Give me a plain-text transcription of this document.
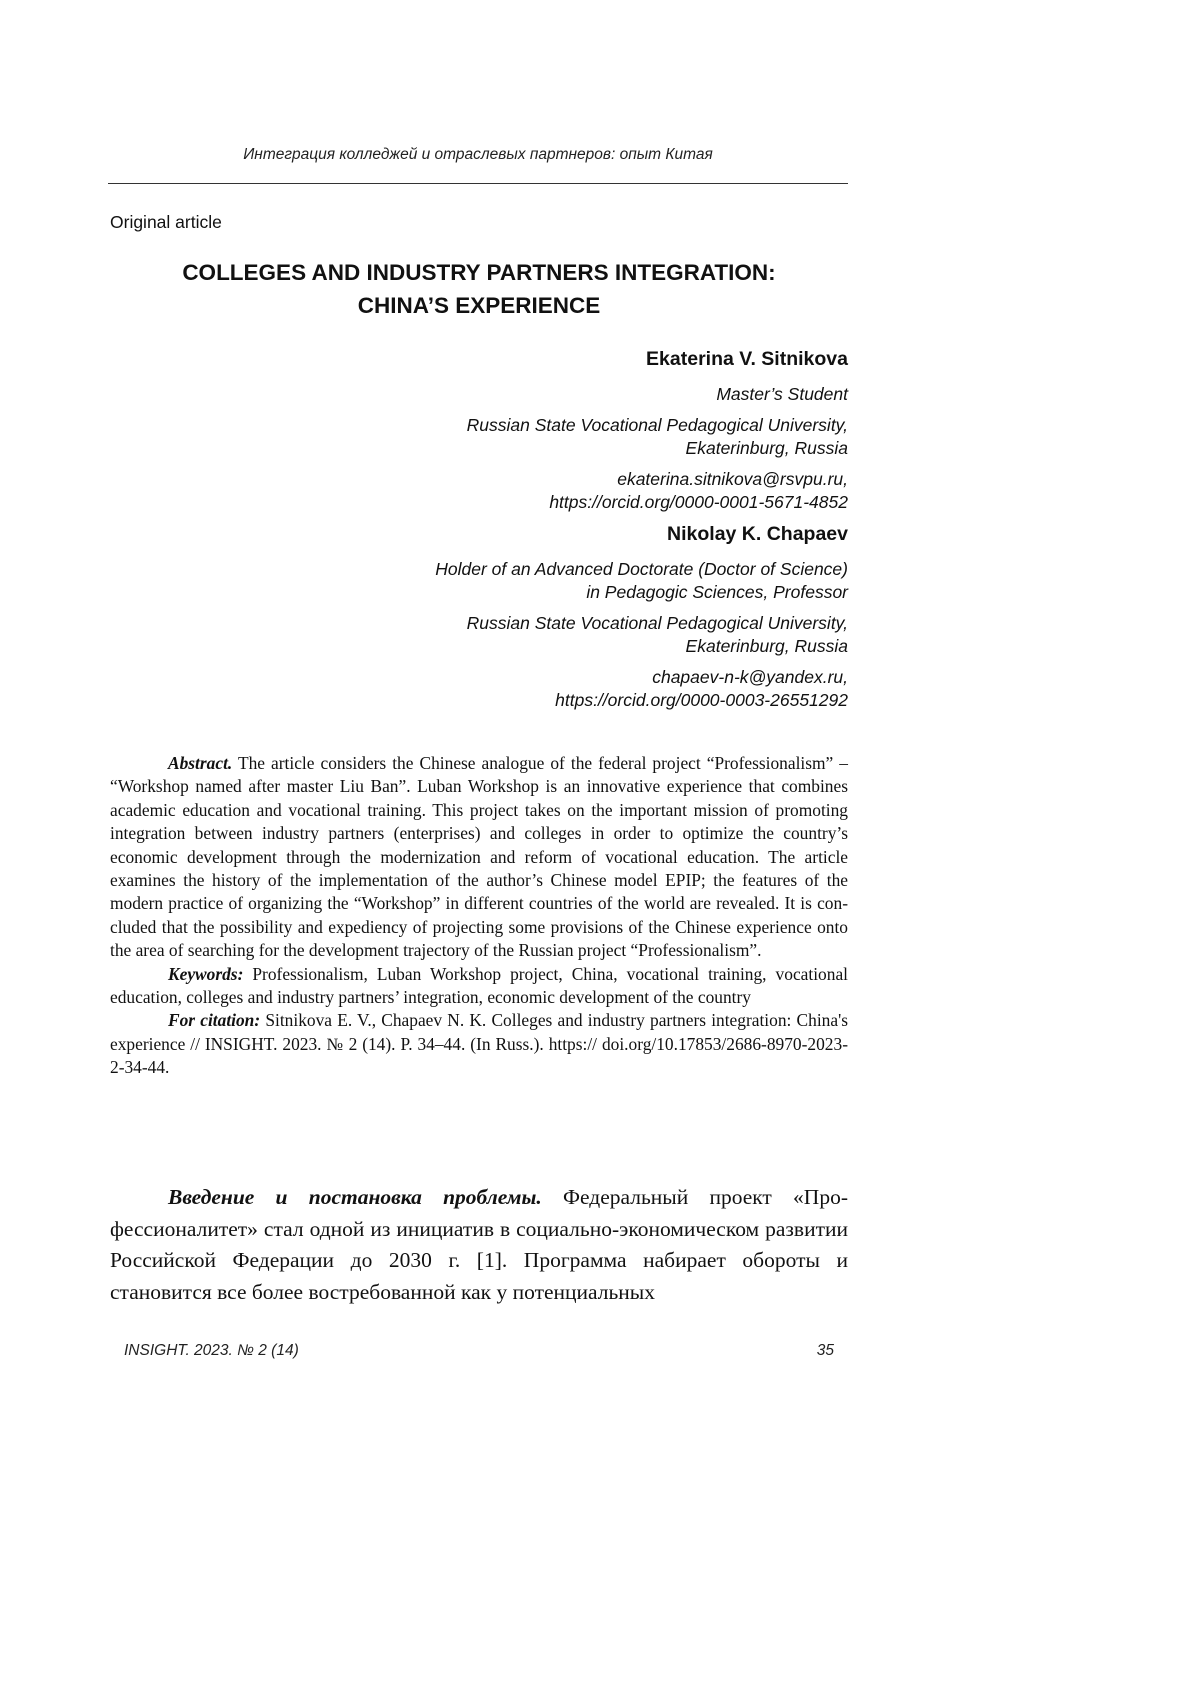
Интеграция колледжей и отраслевых партнеров: опыт Китая
Original article
COLLEGES AND INDUSTRY PARTNERS INTEGRATION:
CHINA’S EXPERIENCE
Ekaterina V. Sitnikova
Master’s Student
Russian State Vocational Pedagogical University,
Ekaterinburg, Russia
ekaterina.sitnikova@rsvpu.ru,
https://orcid.org/0000-0001-5671-4852
Nikolay K. Chapaev
Holder of an Advanced Doctorate (Doctor of Science)
in Pedagogic Sciences, Professor
Russian State Vocational Pedagogical University,
Ekaterinburg, Russia
chapaev-n-k@yandex.ru,
https://orcid.org/0000-0003-26551292

Abstract. The article considers the Chinese analogue of the federal project “Professionalism” – “Workshop named after master Liu Ban”. Luban Workshop is an innovative experience that combines academic education and vocational training. This project takes on the important mission of promoting integration between industry partners (enterprises) and colleges in order to optimize the country’s economic development through the modernization and reform of vocational education. The article examines the history of the implementation of the author’s Chinese model EPIP; the features of the modern practice of organizing the “Workshop” in different countries of the world are revealed. It is concluded that the possibility and expediency of projecting some provisions of the Chinese experience onto the area of searching for the development trajectory of the Russian project “Professionalism”.

Keywords: Professionalism, Luban Workshop project, China, vocational training, vocational education, colleges and industry partners’ integration, economic development of the country

For citation: Sitnikova E. V., Chapaev N. K. Colleges and industry partners integration: China's experience // INSIGHT. 2023. № 2 (14). P. 34–44. (In Russ.). https:// doi.org/10.17853/2686-8970-2023-2-34-44.

Введение и постановка проблемы. Федеральный проект «Профессионалитет» стал одной из инициатив в социально-экономическом развитии Российской Федерации до 2030 г. [1]. Программа набирает обороты и становится все более востребованной как у потенциальных

INSIGHT. 2023. № 2 (14)	35
